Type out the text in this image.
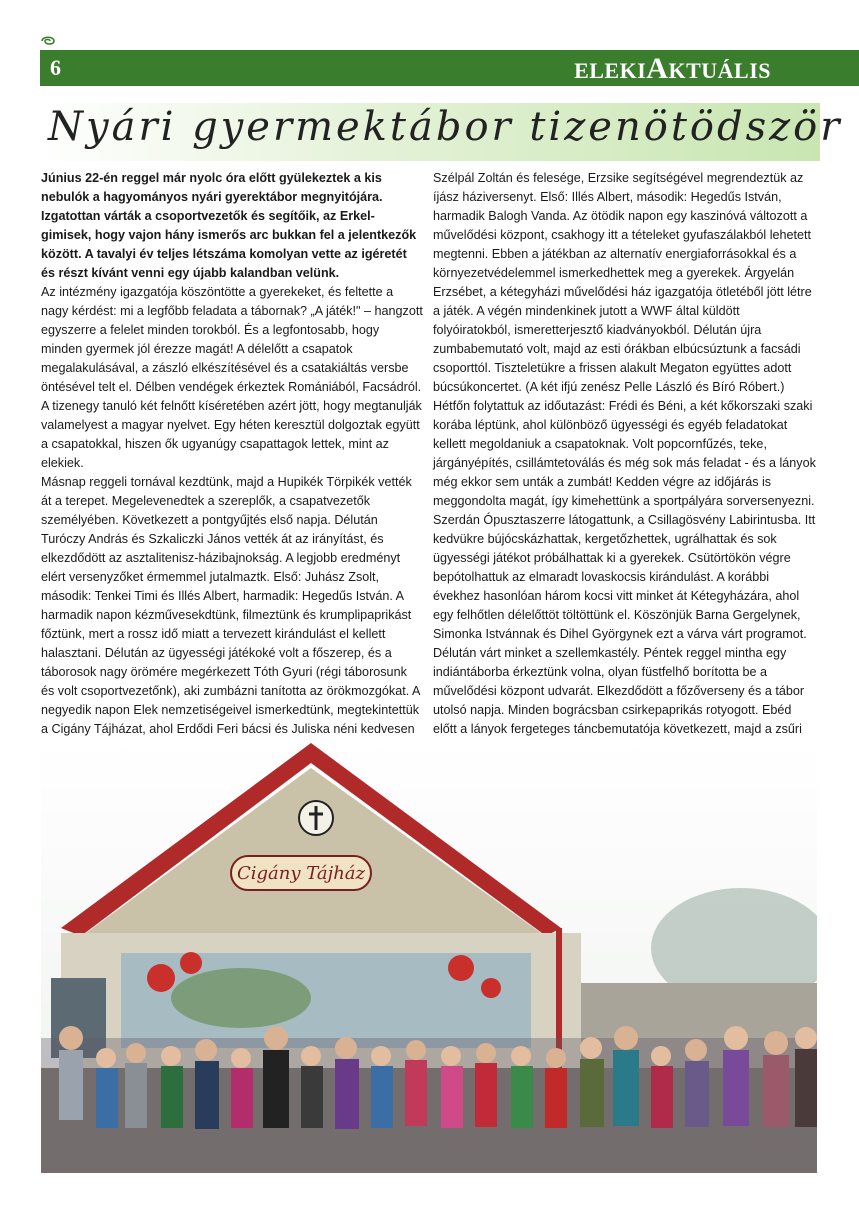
6	ELEKIAKTUÁLIS
Nyári gyermektábor tizenötödször

Június 22-én reggel már nyolc óra előtt gyülekeztek a kis nebulók a hagyományos nyári gyerektábor megnyitójára. Izgatottan várták a csoportvezetők és segítőik, az Erkel-gimisek, hogy vajon hány ismerős arc bukkan fel a jelentkezők között. A tavalyi év teljes létszáma komolyan vette az igéretét és részt kívánt venni egy újabb kalandban velünk.

Az intézmény igazgatója köszöntötte a gyerekeket, és feltette a nagy kérdést: mi a legfőbb feladata a tábornak? „A játék!" – hangzott egyszerre a felelet minden torokból. És a legfontosabb, hogy minden gyermek jól érezze magát! A délelőtt a csapatok megalakulásával, a zászló elkészítésével és a csatakiáltás versbe öntésével telt el. Délben vendégek érkeztek Romániából, Facsádról. A tizenegy tanuló két felnőtt kíséretében azért jött, hogy megtanulják valamelyest a magyar nyelvet. Egy héten keresztül dolgoztak együtt a csapatokkal, hiszen ők ugyanúgy csapattagok lettek, mint az elekiek.

Másnap reggeli tornával kezdtünk, majd a Hupikék Törpikék vették át a terepet. Megelevenedtek a szereplők, a csapatvezetők személyében. Következett a pontgyűjtés első napja. Délután Turóczy András és Szkaliczki János vették át az irányítást, és elkezdődött az asztalitenisz-házibajnokság. A legjobb eredményt elért versenyzőket érmemmel jutalmaztk. Első: Juhász Zsolt, második: Tenkei Timi és Illés Albert, harmadik: Hegedűs István. A harmadik napon kézművesekdtünk, filmeztünk és krumplipaprikást főztünk, mert a rossz idő miatt a tervezett kirándulást el kellett halasztani. Délután az ügyességi játékoké volt a főszerep, és a táborosok nagy örömére megérkezett Tóth Gyuri (régi táborosunk és volt csoportvezetőnk), aki zumbázni tanította az örökmozgókat. A negyedik napon Elek nemzetiségeivel ismerkedtünk, megtekintettük a Cigány Tájházat, ahol Erdődi Feri bácsi és Juliska néni kedvesen

Szélpál Zoltán és felesége, Erzsike segítségével megrendeztük az íjász háziversenyt. Első: Illés Albert, második: Hegedűs István, harmadik Balogh Vanda. Az ötödik napon egy kaszinóvá változott a művelődési központ, csakhogy itt a tételeket gyufaszálakból lehetett megtenni. Ebben a játékban az alternatív energiaforrásokkal és a környezetvédelemmel ismerkedhettek meg a gyerekek. Árgyelán Erzsébet, a kétegyházi művelődési ház igazgatója ötletéből jött létre a játék. A végén mindenkinek jutott a WWF által küldött folyóiratokból, ismeretterjesztő kiadványokból. Délután újra zumbabemutató volt, majd az esti órákban elbúcsúztunk a facsádi csoporttól. Tiszteletükre a frissen alakult Megaton együttes adott búcsúkoncertet. (A két ifjú zenész Pelle László és Bíró Róbert.) Hétfőn folytattuk az időutazást: Frédi és Béni, a két kőkorszaki szaki korába léptünk, ahol különböző ügyességi és egyéb feladatokat kellett megoldaniuk a csapatoknak. Volt popcornfűzés, teke, járgányépítés, csillámtetoválás és még sok más feladat - és a lányok még ekkor sem unták a zumbát! Kedden végre az időjárás is meggondolta magát, így kimehettünk a sportpályára sorversenyezni. Szerdán Ópusztaszerre látogattunk, a Csillagösvény Labirintusba. Itt kedvükre bújócskázhattak, kergetőzhettek, ugrálhattak és sok ügyességi játékot próbálhattak ki a gyerekek. Csütörtökön végre bepótolhattuk az elmaradt lovaskocsis kirándulást. A korábbi évekhez hasonlóan három kocsi vitt minket át Kétegyházára, ahol egy felhőtlen délelőttöt töltöttünk el. Köszönjük Barna Gergelynek, Simonka Istvánnak és Dihel Györgynek ezt a várva várt programot. Délután várt minket a szellemkastély. Péntek reggel mintha egy indiántáborba érkeztünk volna, olyan füstfelhő borította be a művelődési központ udvarát. Elkezdődött a főzőverseny és a tábor utolsó napja. Minden bográcsban csirkepaprikás rotyogott. Ebéd előtt a lányok fergeteges táncbemutatója következett, majd a zsűri

Cigány Tájház
